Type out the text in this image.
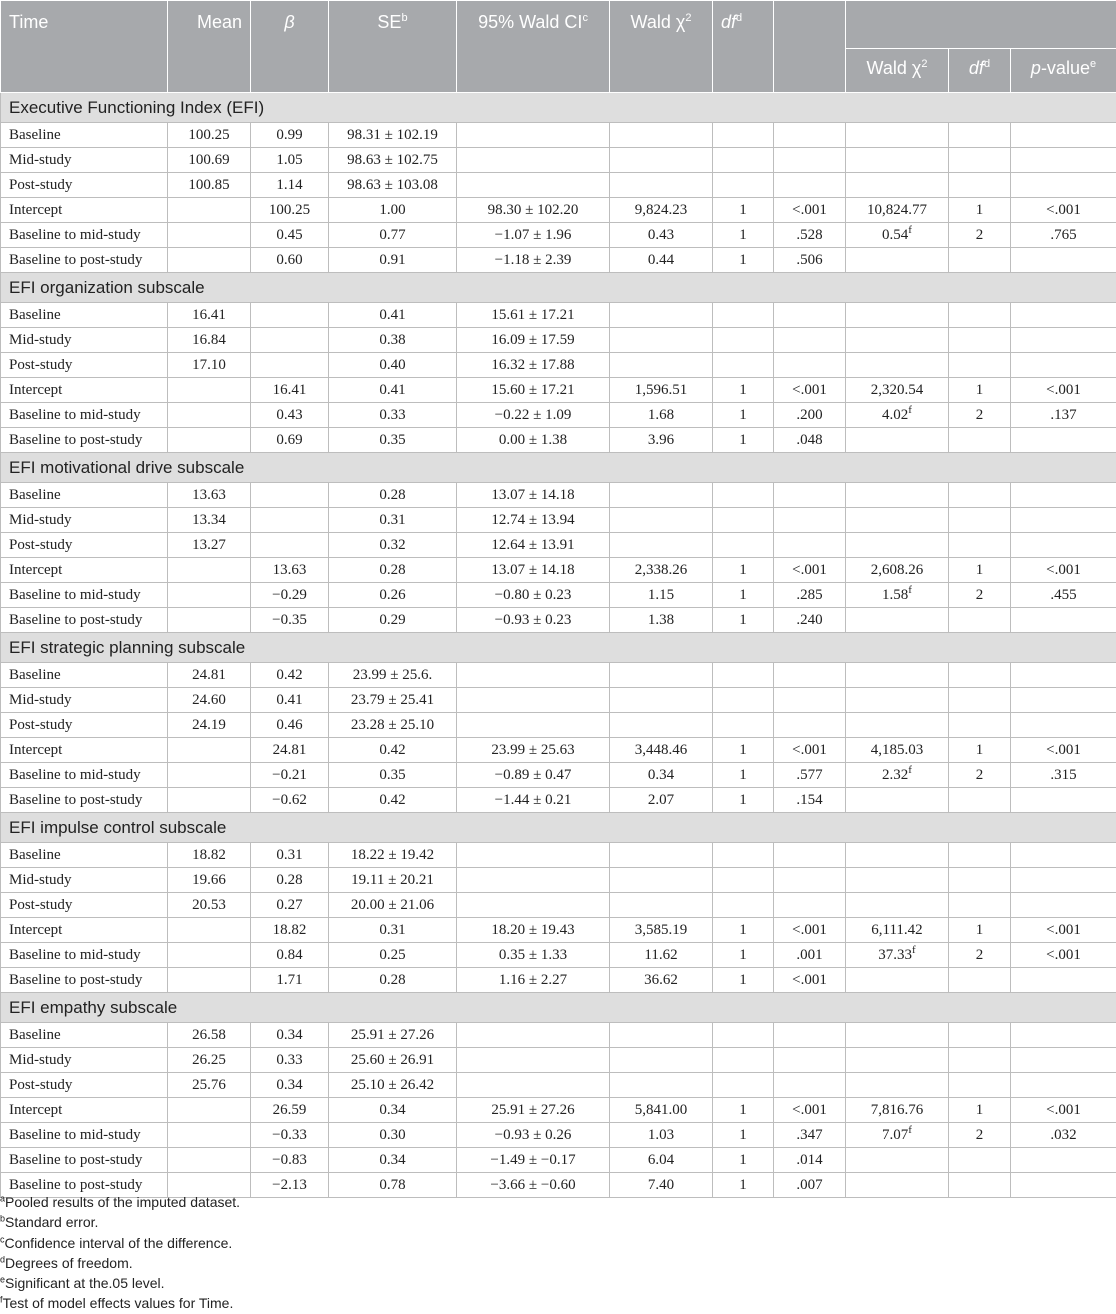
Time	Mean	β	$SE^b$	95% Wald $CI^c$	Wald $\chi^2$	$df^d$		
								Wald $\chi^2$	$df^d$	p-value$^e$
Executive Functioning Index (EFI)										
Baseline	100.25	0.99	98.31 ± 102.19							
Mid-study	100.69	1.05	98.63 ± 102.75							
Post-study	100.85	1.14	98.63 ± 103.08							
Intercept		100.25	1.00	98.30 ± 102.20	9,824.23	1	<.001	10,824.77	1	<.001
Baseline to mid-study		0.45	0.77	−1.07 ± 1.96	0.43	1	.528	0.54$^f$	2	.765
Baseline to post-study		0.60	0.91	−1.18 ± 2.39	0.44	1	.506			
EFI organization subscale										
Baseline	16.41		0.41	15.61 ± 17.21						
Mid-study	16.84		0.38	16.09 ± 17.59						
Post-study	17.10		0.40	16.32 ± 17.88						
Intercept		16.41	0.41	15.60 ± 17.21	1,596.51	1	<.001	2,320.54	1	<.001
Baseline to mid-study		0.43	0.33	−0.22 ± 1.09	1.68	1	.200	4.02$^f$	2	.137
Baseline to post-study		0.69	0.35	0.00 ± 1.38	3.96	1	.048			
EFI motivational drive subscale										
Baseline	13.63		0.28	13.07 ± 14.18						
Mid-study	13.34		0.31	12.74 ± 13.94						
Post-study	13.27		0.32	12.64 ± 13.91						
Intercept		13.63	0.28	13.07 ± 14.18	2,338.26	1	<.001	2,608.26	1	<.001
Baseline to mid-study		−0.29	0.26	−0.80 ± 0.23	1.15	1	.285	1.58$^f$	2	.455
Baseline to post-study		−0.35	0.29	−0.93 ± 0.23	1.38	1	.240			
EFI strategic planning subscale										
Baseline	24.81	0.42	23.99 ± 25.6.							
Mid-study	24.60	0.41	23.79 ± 25.41							
Post-study	24.19	0.46	23.28 ± 25.10							
Intercept		24.81	0.42	23.99 ± 25.63	3,448.46	1	<.001	4,185.03	1	<.001
Baseline to mid-study		−0.21	0.35	−0.89 ± 0.47	0.34	1	.577	2.32$^f$	2	.315
Baseline to post-study		−0.62	0.42	−1.44 ± 0.21	2.07	1	.154			
EFI impulse control subscale										
Baseline	18.82	0.31	18.22 ± 19.42							
Mid-study	19.66	0.28	19.11 ± 20.21							
Post-study	20.53	0.27	20.00 ± 21.06							
Intercept		18.82	0.31	18.20 ± 19.43	3,585.19	1	<.001	6,111.42	1	<.001
Baseline to mid-study		0.84	0.25	0.35 ± 1.33	11.62	1	.001	37.33$^f$	2	<.001
Baseline to post-study		1.71	0.28	1.16 ± 2.27	36.62	1	<.001			
EFI empathy subscale										
Baseline	26.58	0.34	25.91 ± 27.26							
Mid-study	26.25	0.33	25.60 ± 26.91							
Post-study	25.76	0.34	25.10 ± 26.42							
Intercept		26.59	0.34	25.91 ± 27.26	5,841.00	1	<.001	7,816.76	1	<.001
Baseline to mid-study		−0.33	0.30	−0.93 ± 0.26	1.03	1	.347	7.07$^f$	2	.032
Baseline to post-study		−0.83	0.34	−1.49 ± −0.17	6.04	1	.014			
Baseline to post-study		−2.13	0.78	−3.66 ± −0.60	7.40	1	.007			
$^a$Pooled results of the imputed dataset.
$^b$Standard error.
$^c$Confidence interval of the difference.
$^d$Degrees of freedom.
$^e$Significant at the.05 level.
$^f$Test of model effects values for Time.
